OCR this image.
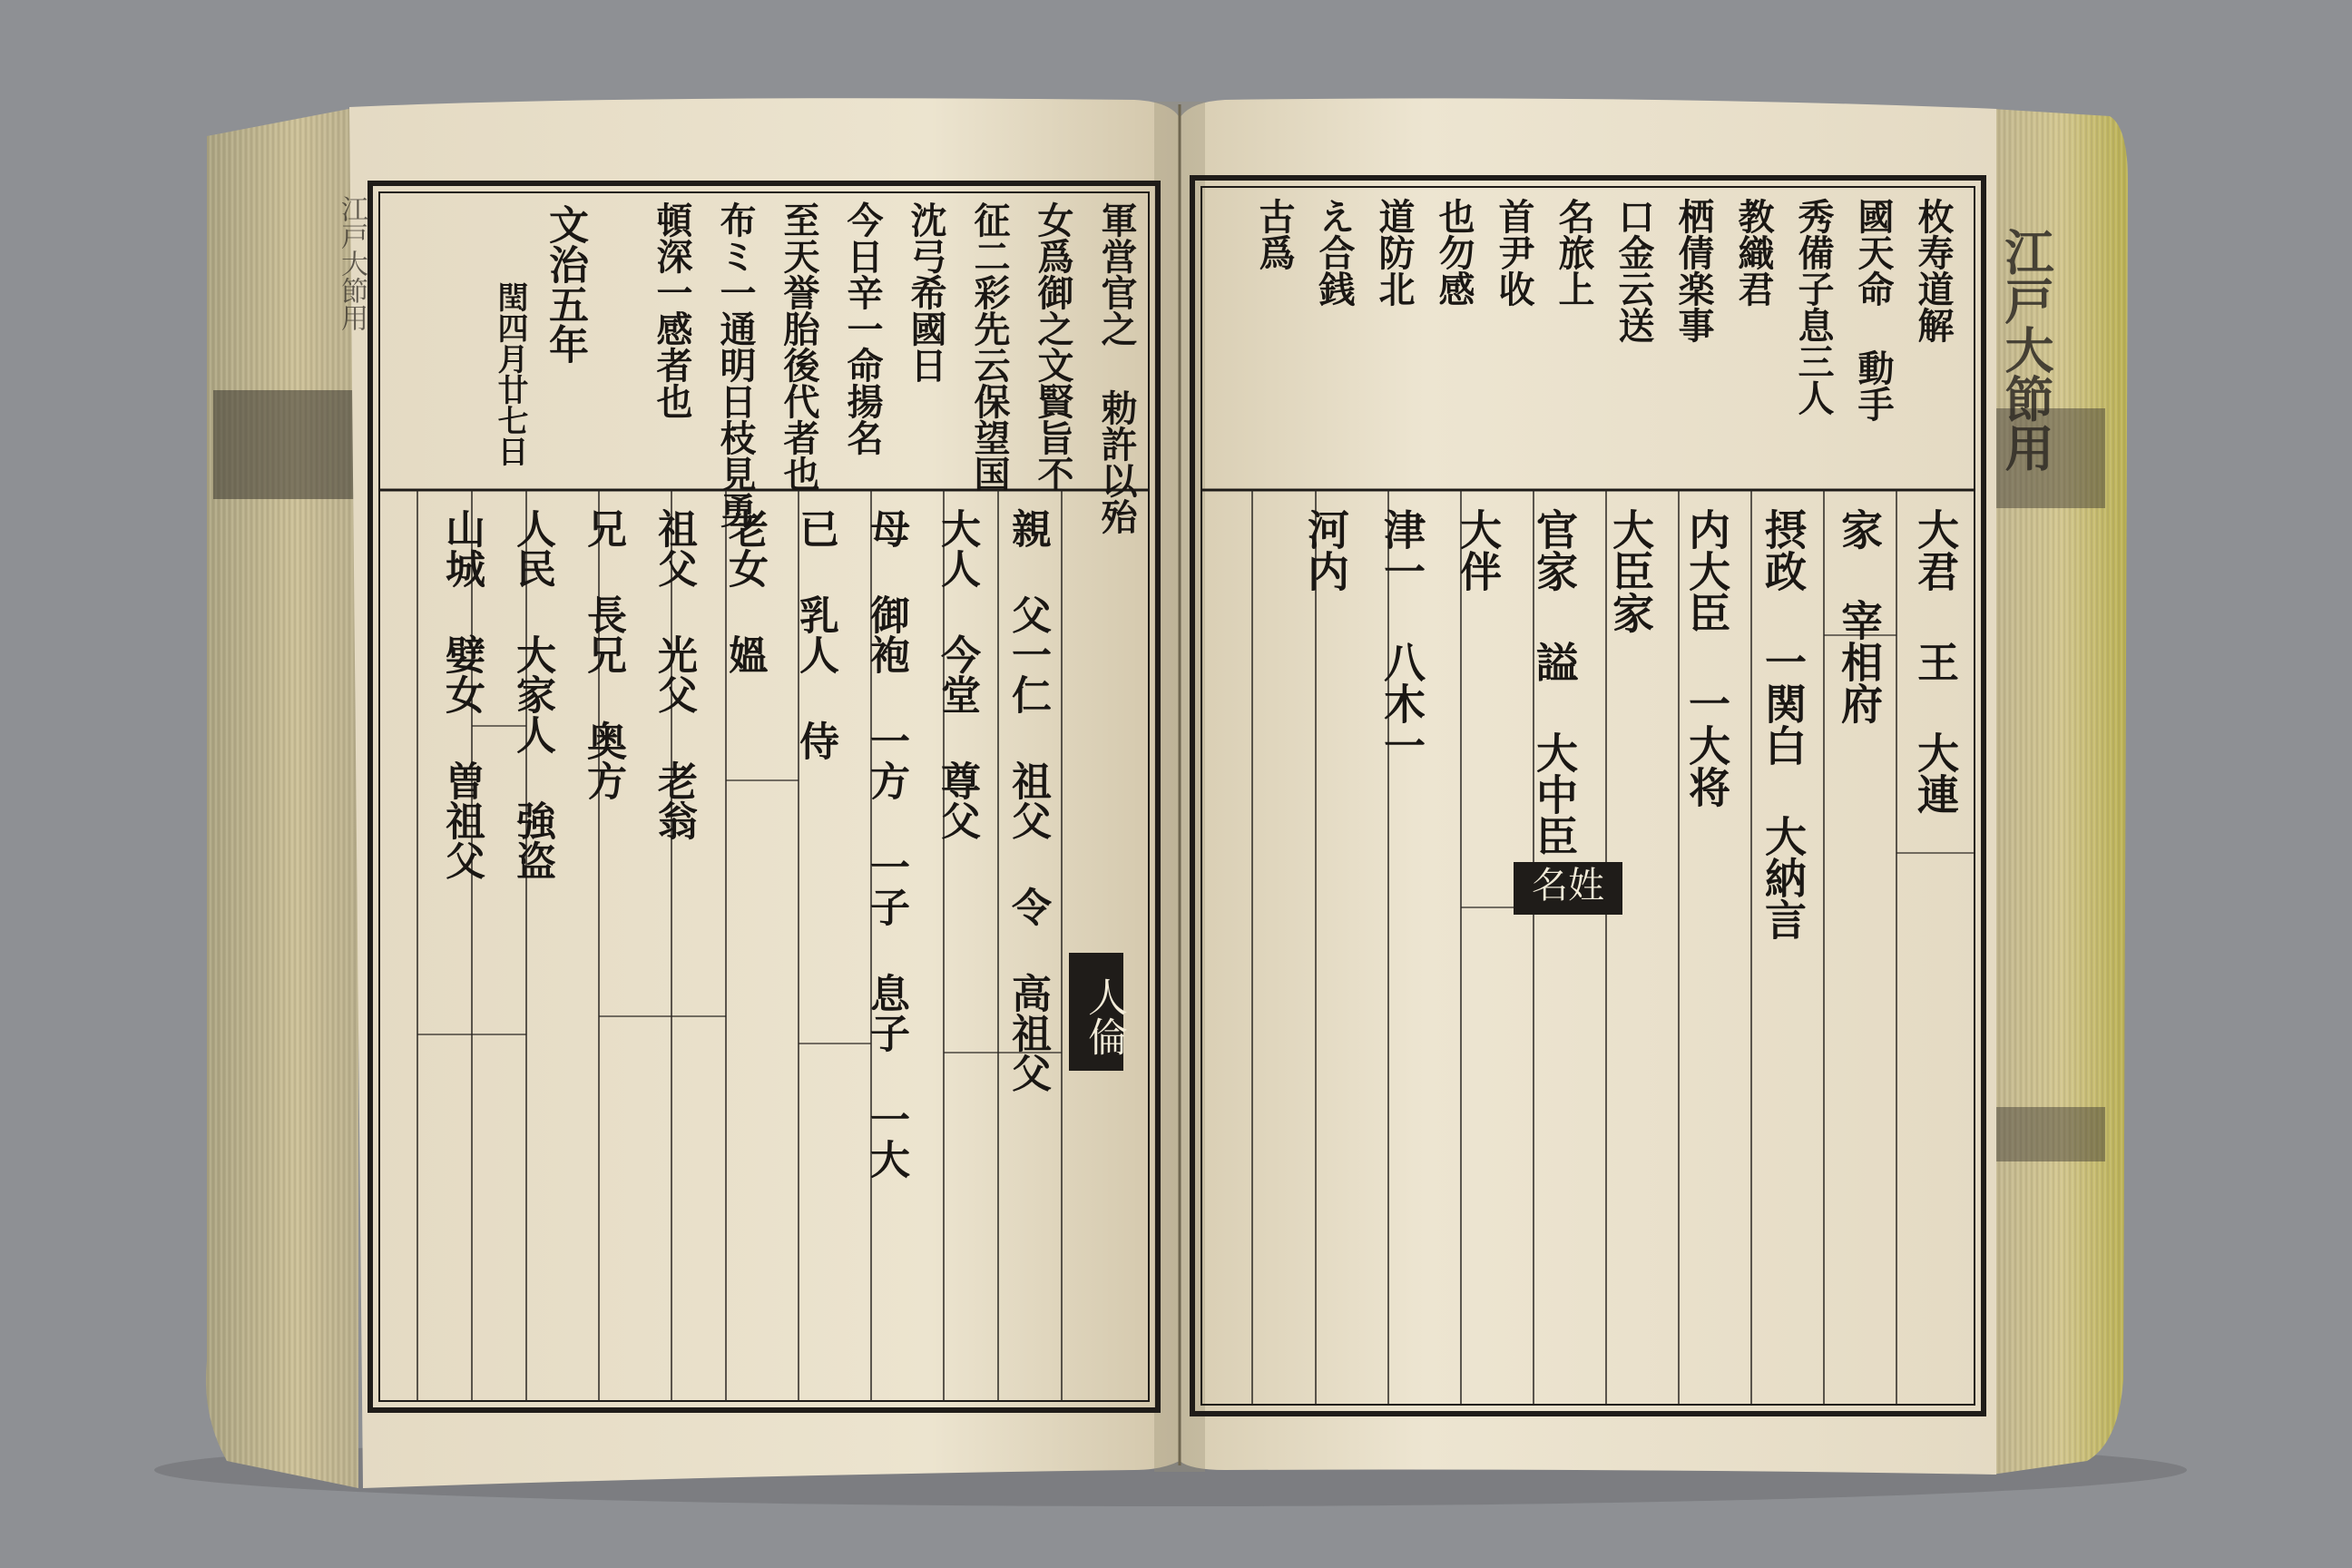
江戸大節用	文治五年
閏四月廿七日	軍営官之 勅許以殆
女爲御之文賢旨不
征二彩先云保望国
沈弓希國日
今日辛一命揚名
至天誉胎後代者也
布ミ一通明日枝見勇
頓深一感者也
人倫
親 父一仁 祖父 令 高祖父
大人 今堂 尊父
母 御袍 一方 一子 息子 一大
已 乳人 侍
老女 媼
祖父 光父 老翁
兄 長兄 奥方
人民 大家人 強盗
山城 嬖女 曽祖父
江戸大節用
枚寿道解
國天命 動手
秀備子息三人
教織君
栖倩楽事
口金云送
名旅上
首尹收
也勿感
道防北
え合銭
古爲
名姓
大君 王 大連
家 宰相府
摂政 一関白 大納言
内大臣 一大将
大臣家
官家 謚 大中臣
大伴
津一 八木一
河内
